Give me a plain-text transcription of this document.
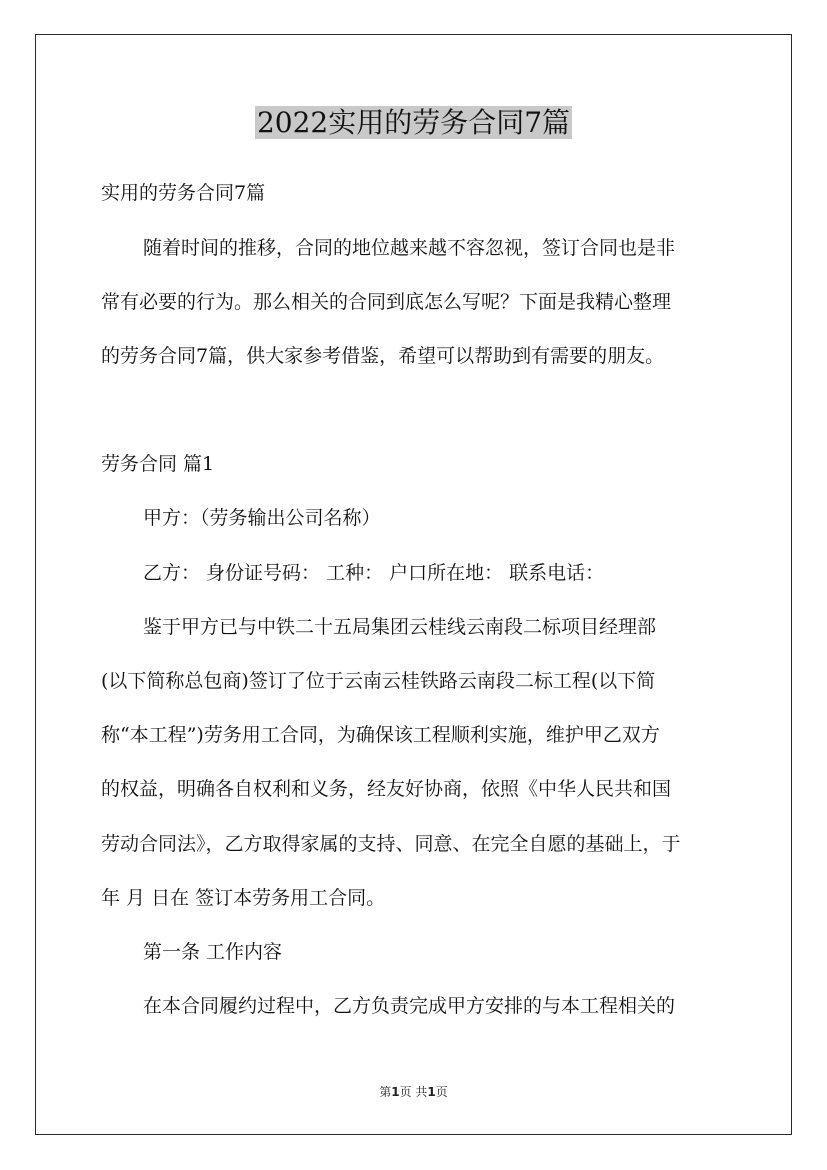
2022实用的劳务合同7篇

实用的劳务合同7篇

随着时间的推移，合同的地位越来越不容忽视，签订合同也是非

常有必要的行为。那么相关的合同到底怎么写呢？下面是我精心整理

的劳务合同7篇，供大家参考借鉴，希望可以帮助到有需要的朋友。

劳务合同 篇1

甲方：（劳务输出公司名称）

乙方： 身份证号码： 工种： 户口所在地： 联系电话：

鉴于甲方已与中铁二十五局集团云桂线云南段二标项目经理部

(以下简称总包商)签订了位于云南云桂铁路云南段二标工程(以下简

称“本工程”)劳务用工合同，为确保该工程顺利实施，维护甲乙双方

的权益，明确各自权利和义务，经友好协商，依照《中华人民共和国

劳动合同法》，乙方取得家属的支持、同意、在完全自愿的基础上，于

年 月 日在 签订本劳务用工合同。

第一条 工作内容

在本合同履约过程中，乙方负责完成甲方安排的与本工程相关的

第1页 共1页
